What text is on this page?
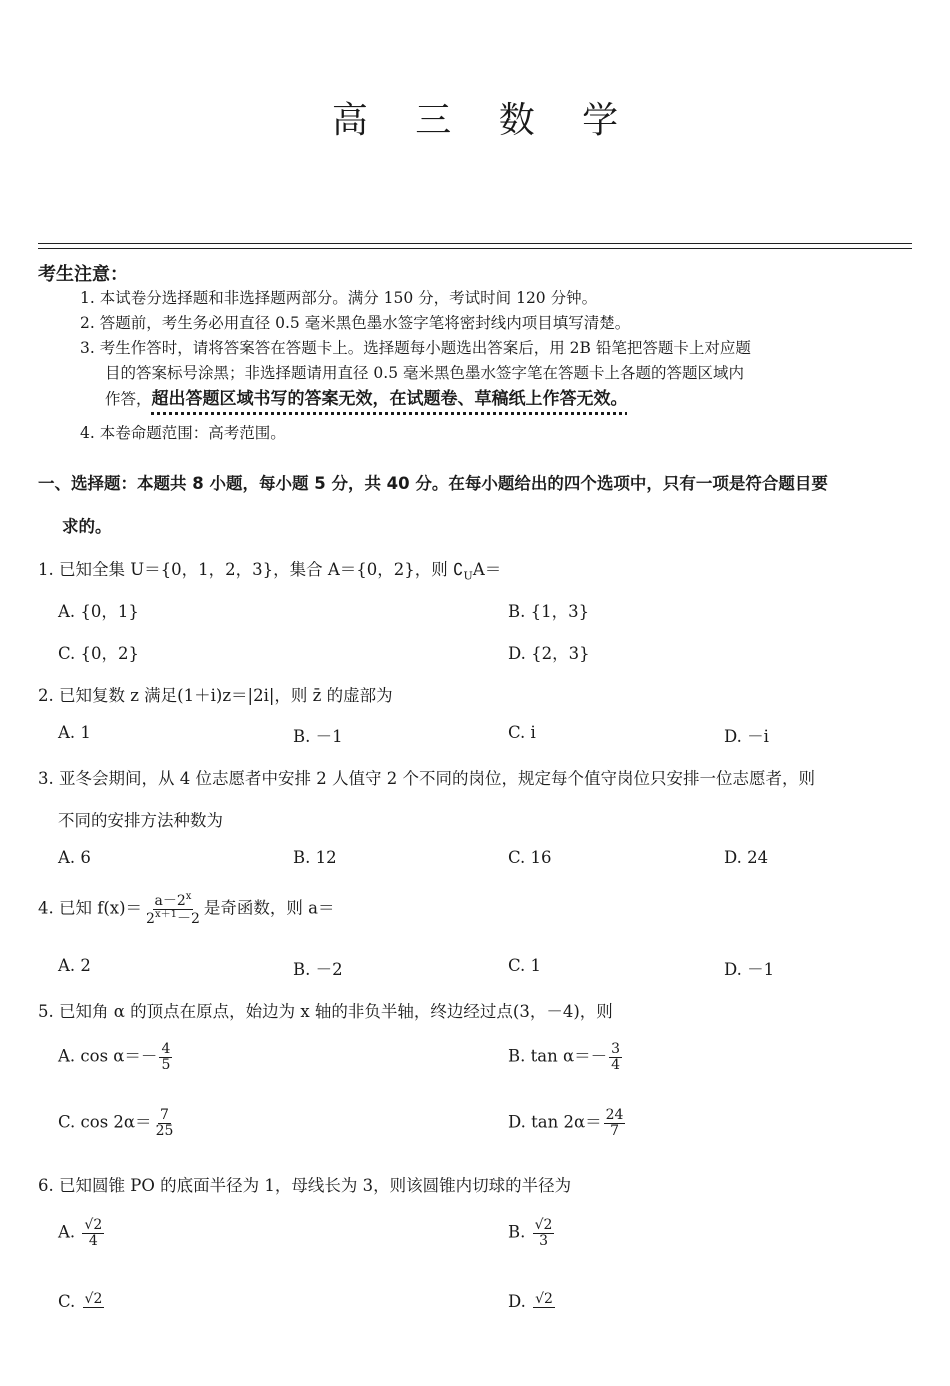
高 三 数 学
考生注意：
1. 本试卷分选择题和非选择题两部分。满分 150 分，考试时间 120 分钟。
2. 答题前，考生务必用直径 0.5 毫米黑色墨水签字笔将密封线内项目填写清楚。
3. 考生作答时，请将答案答在答题卡上。选择题每小题选出答案后，用 2B 铅笔把答题卡上对应题
目的答案标号涂黑；非选择题请用直径 0.5 毫米黑色墨水签字笔在答题卡上各题的答题区域内
作答，超出答题区域书写的答案无效，在试题卷、草稿纸上作答无效。
4. 本卷命题范围：高考范围。
一、选择题：本题共 8 小题，每小题 5 分，共 40 分。在每小题给出的四个选项中，只有一项是符合题目要
求的。
1. 已知全集 U＝{0，1，2，3}，集合 A＝{0，2}，则 $∁_UA=$
A. {0，1}	B. {1，3}
C. {0，2}	D. {2，3}
2. 已知复数 z 满足(1＋i)z＝|2i|，则 z̄ 的虚部为
A. 1	B. －1	C. i	D. －i
3. 亚冬会期间，从 4 位志愿者中安排 2 人值守 2 个不同的岗位，规定每个值守岗位只安排一位志愿者，则
不同的安排方法种数为
A. 6	B. 12	C. 16	D. 24
4. 已知 $f(x)= \frac{a-2^x}{2^{x+1}-2}$ 是奇函数，则 a＝
A. 2	B. －2	C. 1	D. －1
5. 已知角 α 的顶点在原点，始边为 x 轴的非负半轴，终边经过点(3，－4)，则
A. $\cos \alpha=- \frac{4}{5}$	B. $\tan \alpha=- \frac{3}{4}$
C. $\cos 2\alpha= \frac{7}{25}$	D. $\tan 2\alpha= \frac{24}{7}$
6. 已知圆锥 PO 的底面半径为 1，母线长为 3，则该圆锥内切球的半径为
A. $\frac{√2}{4}$	B. $\frac{√2}{3}$
C. √2	D. √2
